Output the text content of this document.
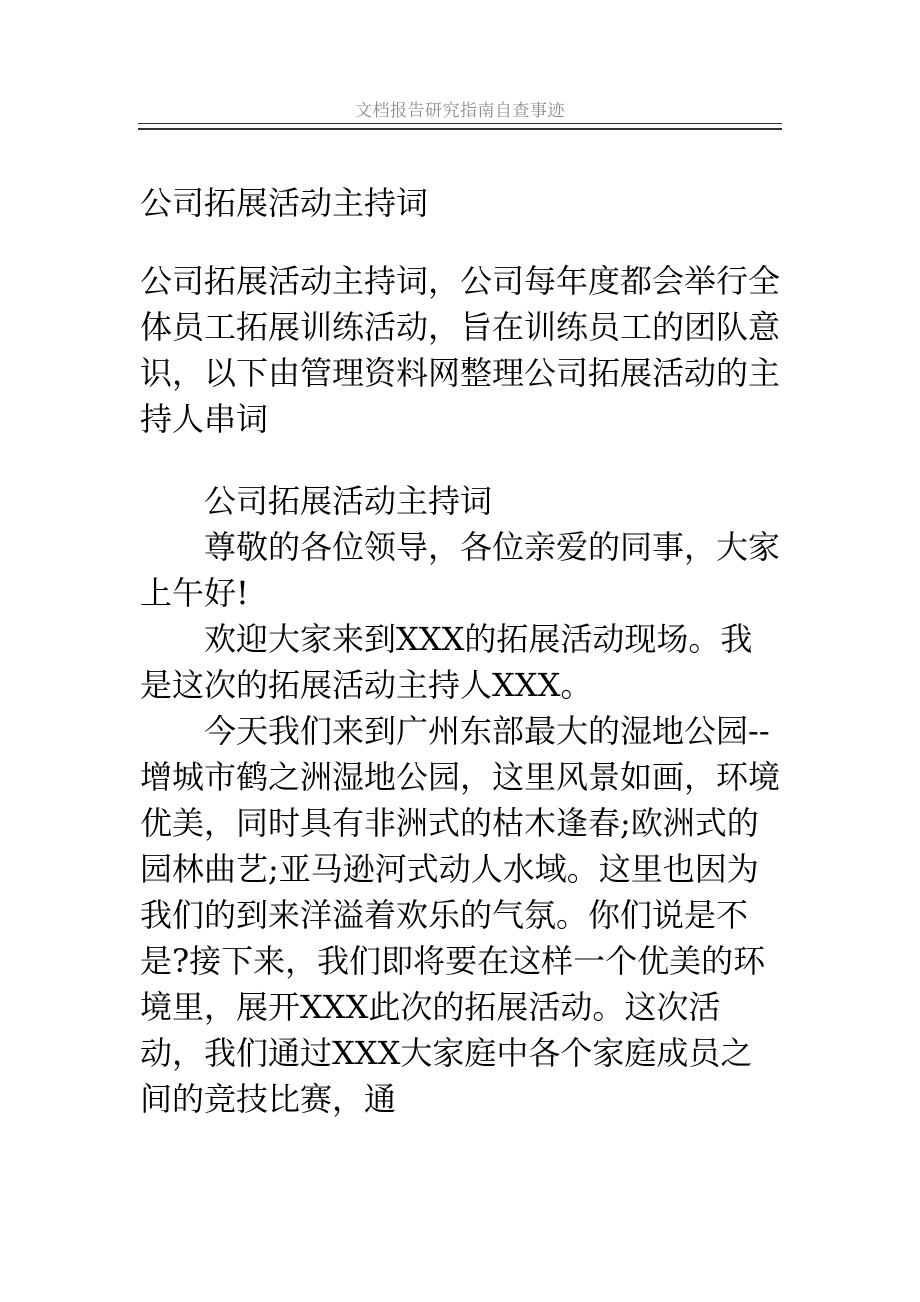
文档报告研究指南自查事迹

公司拓展活动主持词

公司拓展活动主持词，公司每年度都会举行全体员工拓展训练活动，旨在训练员工的团队意识，以下由管理资料网整理公司拓展活动的主持人串词

公司拓展活动主持词

尊敬的各位领导，各位亲爱的同事，大家上午好!

欢迎大家来到XXX的拓展活动现场。我是这次的拓展活动主持人XXX。

今天我们来到广州东部最大的湿地公园--增城市鹤之洲湿地公园，这里风景如画，环境优美，同时具有非洲式的枯木逢春;欧洲式的园林曲艺;亚马逊河式动人水域。这里也因为我们的到来洋溢着欢乐的气氛。你们说是不是?接下来，我们即将要在这样一个优美的环境里，展开XXX此次的拓展活动。这次活动，我们通过XXX大家庭中各个家庭成员之间的竞技比赛，通
